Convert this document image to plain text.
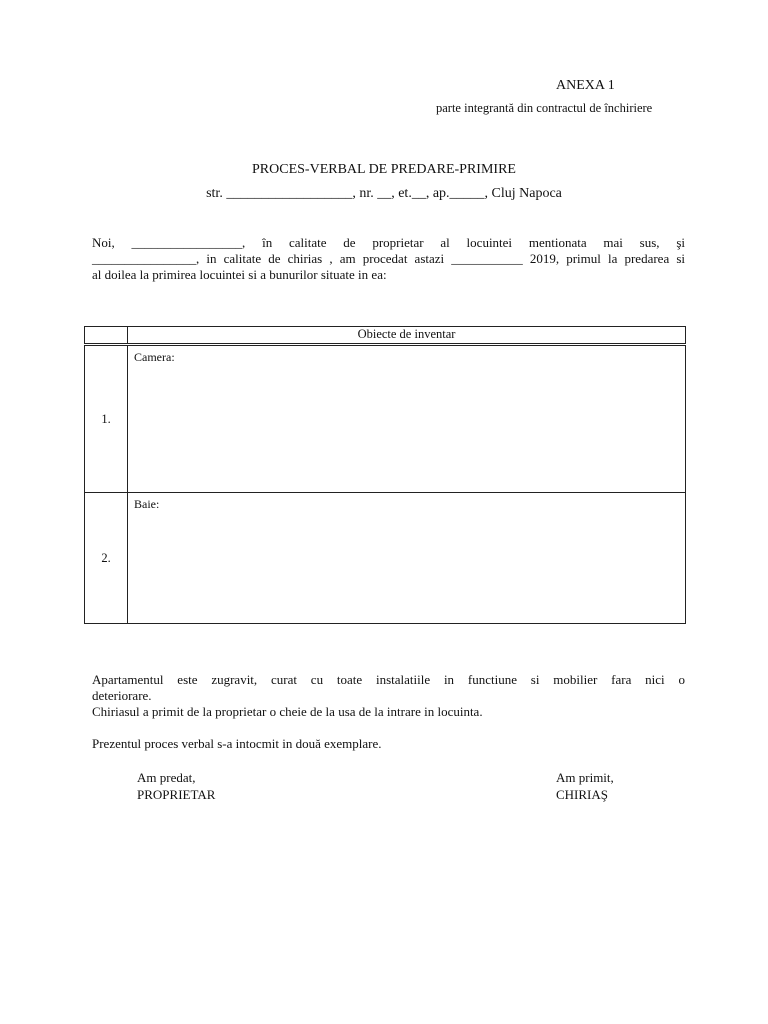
ANEXA 1
parte integrantă din contractul de închiriere
PROCES-VERBAL DE PREDARE-PRIMIRE
str. __________________, nr. __, et.__, ap._____, Cluj Napoca
Noi, _________________, în calitate de proprietar al locuintei mentionata mai sus, şi
________________, in calitate de chirias , am procedat astazi ___________ 2019, primul la predarea si
al doilea la primirea locuintei si a bunurilor situate in ea:
	Obiecte de inventar
1.	Camera:
2.	Baie:
Apartamentul este zugravit, curat cu toate instalatiile in functiune si mobilier fara nici o
deteriorare.
Chiriasul a primit de la proprietar o cheie de la usa de la intrare in locuinta.
Prezentul proces verbal s-a intocmit in două exemplare.
Am predat,
PROPRIETAR
Am primit,
CHIRIAŞ
